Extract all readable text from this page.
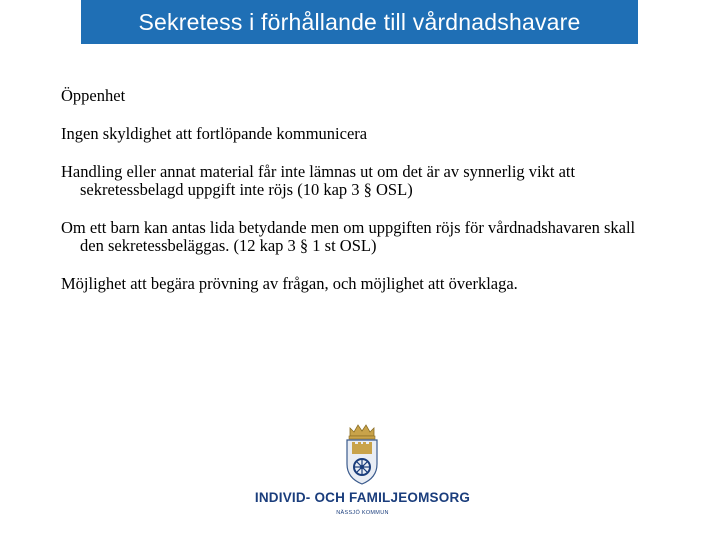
Sekretess i förhållande till vårdnadshavare

Öppenhet

Ingen skyldighet att fortlöpande kommunicera

Handling eller annat material får inte lämnas ut om det är av synnerlig vikt att sekretessbelagd uppgift inte röjs (10 kap 3 § OSL)

Om ett barn kan antas lida betydande men om uppgiften röjs för vårdnadshavaren skall den sekretessbeläggas. (12 kap 3 § 1 st OSL)

Möjlighet att begära prövning av frågan, och möjlighet att överklaga.

INDIVID- OCH FAMILJEOMSORG
NÄSSJÖ KOMMUN
